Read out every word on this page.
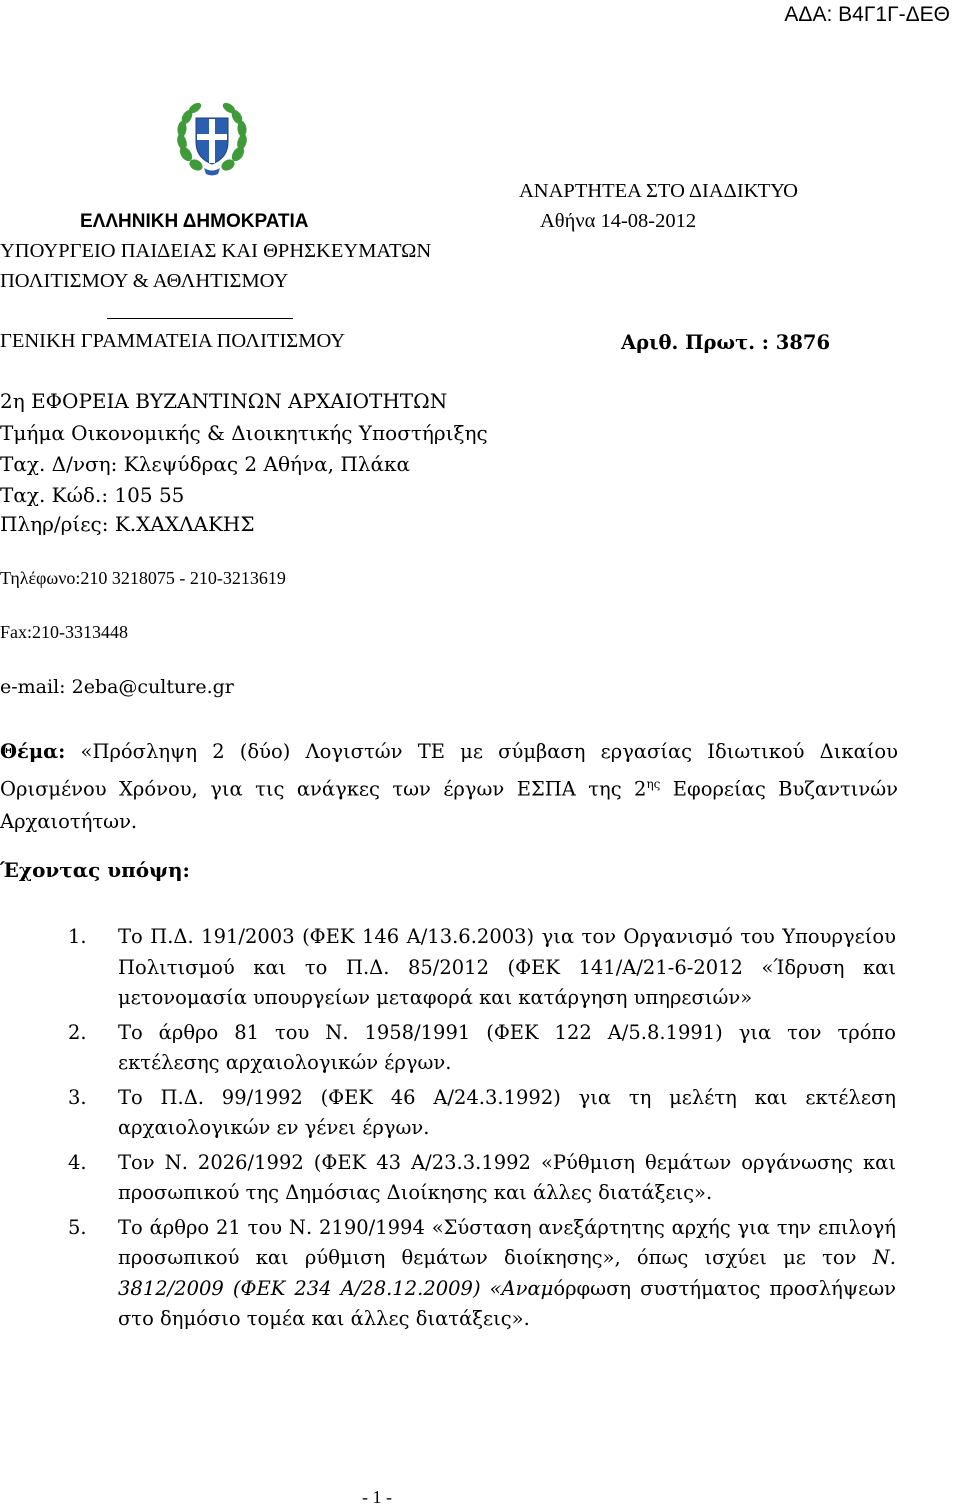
ΑΔΑ: Β4Γ1Γ-ΔΕΘ
ΑΝΑΡΤΗΤΕΑ ΣΤΟ ΔΙΑΔΙΚΤΥΟ
Αθήνα 14-08-2012
ΕΛΛΗΝΙΚΗ ΔΗΜΟΚΡΑΤΙΑ
ΥΠΟΥΡΓΕΙΟ ΠΑΙΔΕΙΑΣ ΚΑΙ ΘΡΗΣΚΕΥΜΑΤΩΝ
ΠΟΛΙΤΙΣΜΟΥ & ΑΘΛΗΤΙΣΜΟΥ
ΓΕΝΙΚΗ ΓΡΑΜΜΑΤΕΙΑ ΠΟΛΙΤΙΣΜΟΥ	Αριθ. Πρωτ. : 3876
2η ΕΦΟΡΕΙΑ ΒΥΖΑΝΤΙΝΩΝ ΑΡΧΑΙΟΤΗΤΩΝ
Τμήμα Οικονομικής & Διοικητικής Υποστήριξης
Ταχ. Δ/νση: Κλεψύδρας 2 Αθήνα, Πλάκα
Ταχ. Κώδ.: 105 55
Πληρ/ρίες: Κ.ΧΑΧΛΑΚΗΣ
Τηλέφωνο:210 3218075 - 210-3213619
Fax:210-3313448
e-mail: 2eba@culture.gr
Θέμα: «Πρόσληψη 2 (δύο) Λογιστών ΤΕ με σύμβαση εργασίας Ιδιωτικού Δικαίου Ορισμένου Χρόνου, για τις ανάγκες των έργων ΕΣΠΑ της $2^{\eta\varsigma}$ Εφορείας Βυζαντινών Αρχαιοτήτων.
Έχοντας υπόψη:
1. Το Π.Δ. 191/2003 (ΦΕΚ 146 Α/13.6.2003) για τον Οργανισμό του Υπουργείου Πολιτισμού και το Π.Δ. 85/2012 (ΦΕΚ 141/Α/21-6-2012 «Ίδρυση και μετονομασία υπουργείων μεταφορά και κατάργηση υπηρεσιών»
2. Το άρθρο 81 του Ν. 1958/1991 (ΦΕΚ 122 Α/5.8.1991) για τον τρόπο εκτέλεσης αρχαιολογικών έργων.
3. Το Π.Δ. 99/1992 (ΦΕΚ 46 Α/24.3.1992) για τη μελέτη και εκτέλεση αρχαιολογικών εν γένει έργων.
4. Τον Ν. 2026/1992 (ΦΕΚ 43 Α/23.3.1992 «Ρύθμιση θεμάτων οργάνωσης και προσωπικού της Δημόσιας Διοίκησης και άλλες διατάξεις».
5. Το άρθρο 21 του Ν. 2190/1994 «Σύσταση ανεξάρτητης αρχής για την επιλογή προσωπικού και ρύθμιση θεμάτων διοίκησης», όπως ισχύει με τον Ν. 3812/2009 (ΦΕΚ 234 Α/28.12.2009) «Αναμόρφωση συστήματος προσλήψεων στο δημόσιο τομέα και άλλες διατάξεις».
- 1 -
